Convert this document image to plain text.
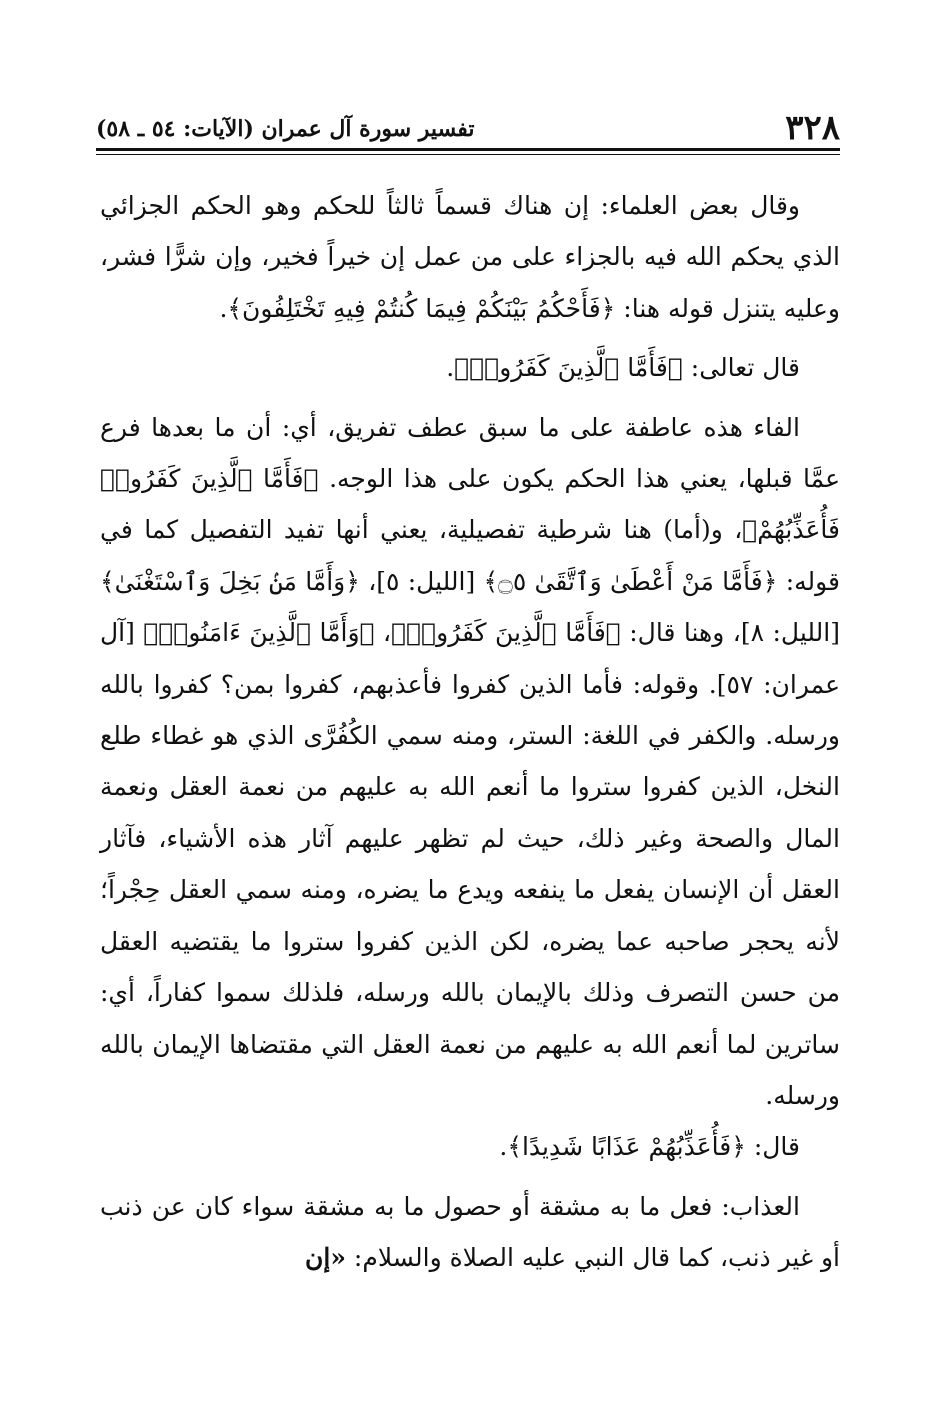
٣٢٨
تفسير سورة آل عمران (الآيات: ٥٤ ـ ٥٨)

وقال بعض العلماء: إن هناك قسماً ثالثاً للحكم وهو الحكم الجزائي الذي يحكم الله فيه بالجزاء على من عمل إن خيراً فخير، وإن شرًّا فشر، وعليه يتنزل قوله هنا: ﴿فَأَحْكُمُ بَيْنَكُمْ فِيمَا كُنتُمْ فِيهِ تَخْتَلِفُونَ﴾.

قال تعالى: ﴿فَأَمَّا ٱلَّذِينَ كَفَرُوا۟﴾.

الفاء هذه عاطفة على ما سبق عطف تفريق، أي: أن ما بعدها فرع عمَّا قبلها، يعني هذا الحكم يكون على هذا الوجه. ﴿فَأَمَّا ٱلَّذِينَ كَفَرُوا۟ فَأُعَذِّبُهُمْ﴾، و(أما) هنا شرطية تفصيلية، يعني أنها تفيد التفصيل كما في قوله: ﴿فَأَمَّا مَنْ أَعْطَىٰ وَٱتَّقَىٰ ۝٥﴾ [الليل: ٥]، ﴿وَأَمَّا مَنۢ بَخِلَ وَٱسْتَغْنَىٰ﴾ [الليل: ٨]، وهنا قال: ﴿فَأَمَّا ٱلَّذِينَ كَفَرُوا۟﴾، ﴿وَأَمَّا ٱلَّذِينَ ءَامَنُوا۟﴾ [آل عمران: ٥٧]. وقوله: فأما الذين كفروا فأعذبهم، كفروا بمن؟ كفروا بالله ورسله. والكفر في اللغة: الستر، ومنه سمي الكُفُرَّى الذي هو غطاء طلع النخل، الذين كفروا ستروا ما أنعم الله به عليهم من نعمة العقل ونعمة المال والصحة وغير ذلك، حيث لم تظهر عليهم آثار هذه الأشياء، فآثار العقل أن الإنسان يفعل ما ينفعه ويدع ما يضره، ومنه سمي العقل حِجْراً؛ لأنه يحجر صاحبه عما يضره، لكن الذين كفروا ستروا ما يقتضيه العقل من حسن التصرف وذلك بالإيمان بالله ورسله، فلذلك سموا كفاراً، أي: ساترين لما أنعم الله به عليهم من نعمة العقل التي مقتضاها الإيمان بالله ورسله.

قال: ﴿فَأُعَذِّبُهُمْ عَذَابًا شَدِيدًا﴾.

العذاب: فعل ما به مشقة أو حصول ما به مشقة سواء كان عن ذنب أو غير ذنب، كما قال النبي عليه الصلاة والسلام: «إن
